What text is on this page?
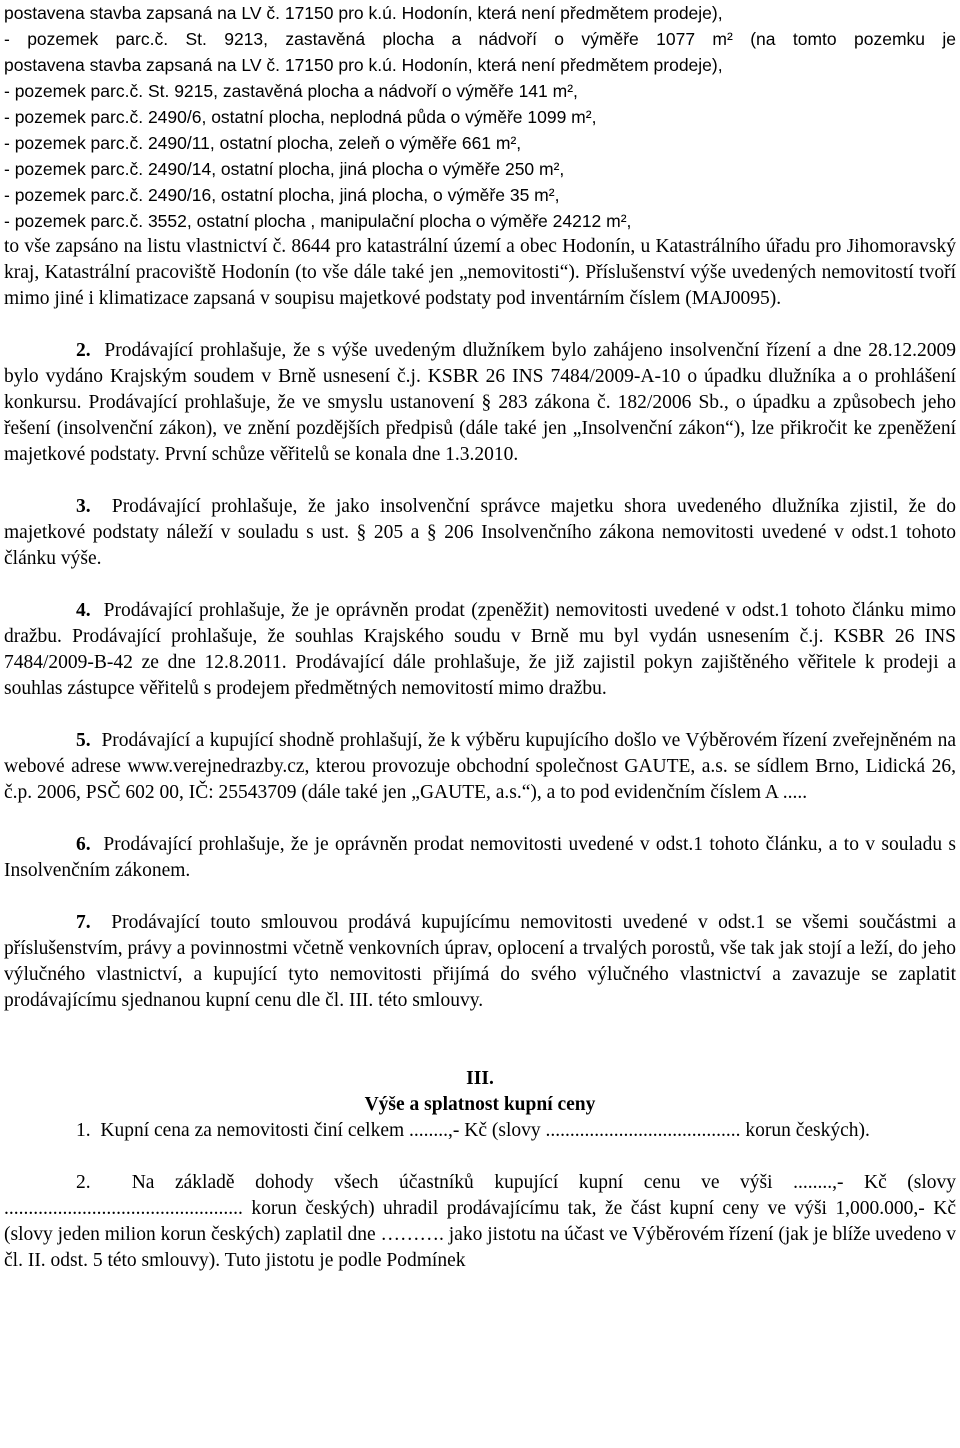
postavena stavba zapsaná na LV č. 17150 pro k.ú. Hodonín, která není předmětem prodeje),
- pozemek parc.č. St. 9213, zastavěná plocha a nádvoří o výměře 1077 m² (na tomto pozemku je
postavena stavba zapsaná na LV č. 17150 pro k.ú. Hodonín, která není předmětem prodeje),
- pozemek parc.č. St. 9215, zastavěná plocha a nádvoří o výměře 141 m²,
- pozemek parc.č. 2490/6, ostatní plocha, neplodná půda o výměře 1099 m²,
- pozemek parc.č. 2490/11, ostatní plocha, zeleň o výměře 661 m²,
- pozemek parc.č. 2490/14, ostatní plocha, jiná plocha o výměře 250 m²,
- pozemek parc.č. 2490/16, ostatní plocha, jiná plocha, o výměře 35 m²,
- pozemek parc.č. 3552, ostatní plocha , manipulační plocha o výměře 24212 m²,
to vše zapsáno na listu vlastnictví č. 8644 pro katastrální území a obec Hodonín, u Katastrálního úřadu pro Jihomoravský kraj, Katastrální pracoviště Hodonín (to vše dále také jen „nemovitosti“). Příslušenství výše uvedených nemovitostí tvoří mimo jiné i klimatizace zapsaná v soupisu majetkové podstaty pod inventárním číslem (MAJ0095).
2. Prodávající prohlašuje, že s výše uvedeným dlužníkem bylo zahájeno insolvenční řízení a dne 28.12.2009 bylo vydáno Krajským soudem v Brně usnesení č.j. KSBR 26 INS 7484/2009-A-10 o úpadku dlužníka a o prohlášení konkursu. Prodávající prohlašuje, že ve smyslu ustanovení § 283 zákona č. 182/2006 Sb., o úpadku a způsobech jeho řešení (insolvenční zákon), ve znění pozdějších předpisů (dále také jen „Insolvenční zákon“), lze přikročit ke zpeněžení majetkové podstaty. První schůze věřitelů se konala dne 1.3.2010.
3. Prodávající prohlašuje, že jako insolvenční správce majetku shora uvedeného dlužníka zjistil, že do majetkové podstaty náleží v souladu s ust. § 205 a § 206 Insolvenčního zákona nemovitosti uvedené v odst.1 tohoto článku výše.
4. Prodávající prohlašuje, že je oprávněn prodat (zpeněžit) nemovitosti uvedené v odst.1 tohoto článku mimo dražbu. Prodávající prohlašuje, že souhlas Krajského soudu v Brně mu byl vydán usnesením č.j. KSBR 26 INS 7484/2009-B-42 ze dne 12.8.2011. Prodávající dále prohlašuje, že již zajistil pokyn zajištěného věřitele k prodeji a souhlas zástupce věřitelů s prodejem předmětných nemovitostí mimo dražbu.
5. Prodávající a kupující shodně prohlašují, že k výběru kupujícího došlo ve Výběrovém řízení zveřejněném na webové adrese www.verejnedrazby.cz, kterou provozuje obchodní společnost GAUTE, a.s. se sídlem Brno, Lidická 26, č.p. 2006, PSČ 602 00, IČ: 25543709 (dále také jen „GAUTE, a.s.“), a to pod evidenčním číslem A .....
6. Prodávající prohlašuje, že je oprávněn prodat nemovitosti uvedené v odst.1 tohoto článku, a to v souladu s Insolvenčním zákonem.
7. Prodávající touto smlouvou prodává kupujícímu nemovitosti uvedené v odst.1 se všemi součástmi a příslušenstvím, právy a povinnostmi včetně venkovních úprav, oplocení a trvalých porostů, vše tak jak stojí a leží, do jeho výlučného vlastnictví, a kupující tyto nemovitosti přijímá do svého výlučného vlastnictví a zavazuje se zaplatit prodávajícímu sjednanou kupní cenu dle čl. III. této smlouvy.
III.
Výše a splatnost kupní ceny
1. Kupní cena za nemovitosti činí celkem ........,- Kč (slovy ........................................ korun českých).
2. Na základě dohody všech účastníků kupující kupní cenu ve výši ........,- Kč (slovy ................................................. korun českých) uhradil prodávajícímu tak, že část kupní ceny ve výši 1,000.000,- Kč (slovy jeden milion korun českých) zaplatil dne ………. jako jistotu na účast ve Výběrovém řízení (jak je blíže uvedeno v čl. II. odst. 5 této smlouvy). Tuto jistotu je podle Podmínek
